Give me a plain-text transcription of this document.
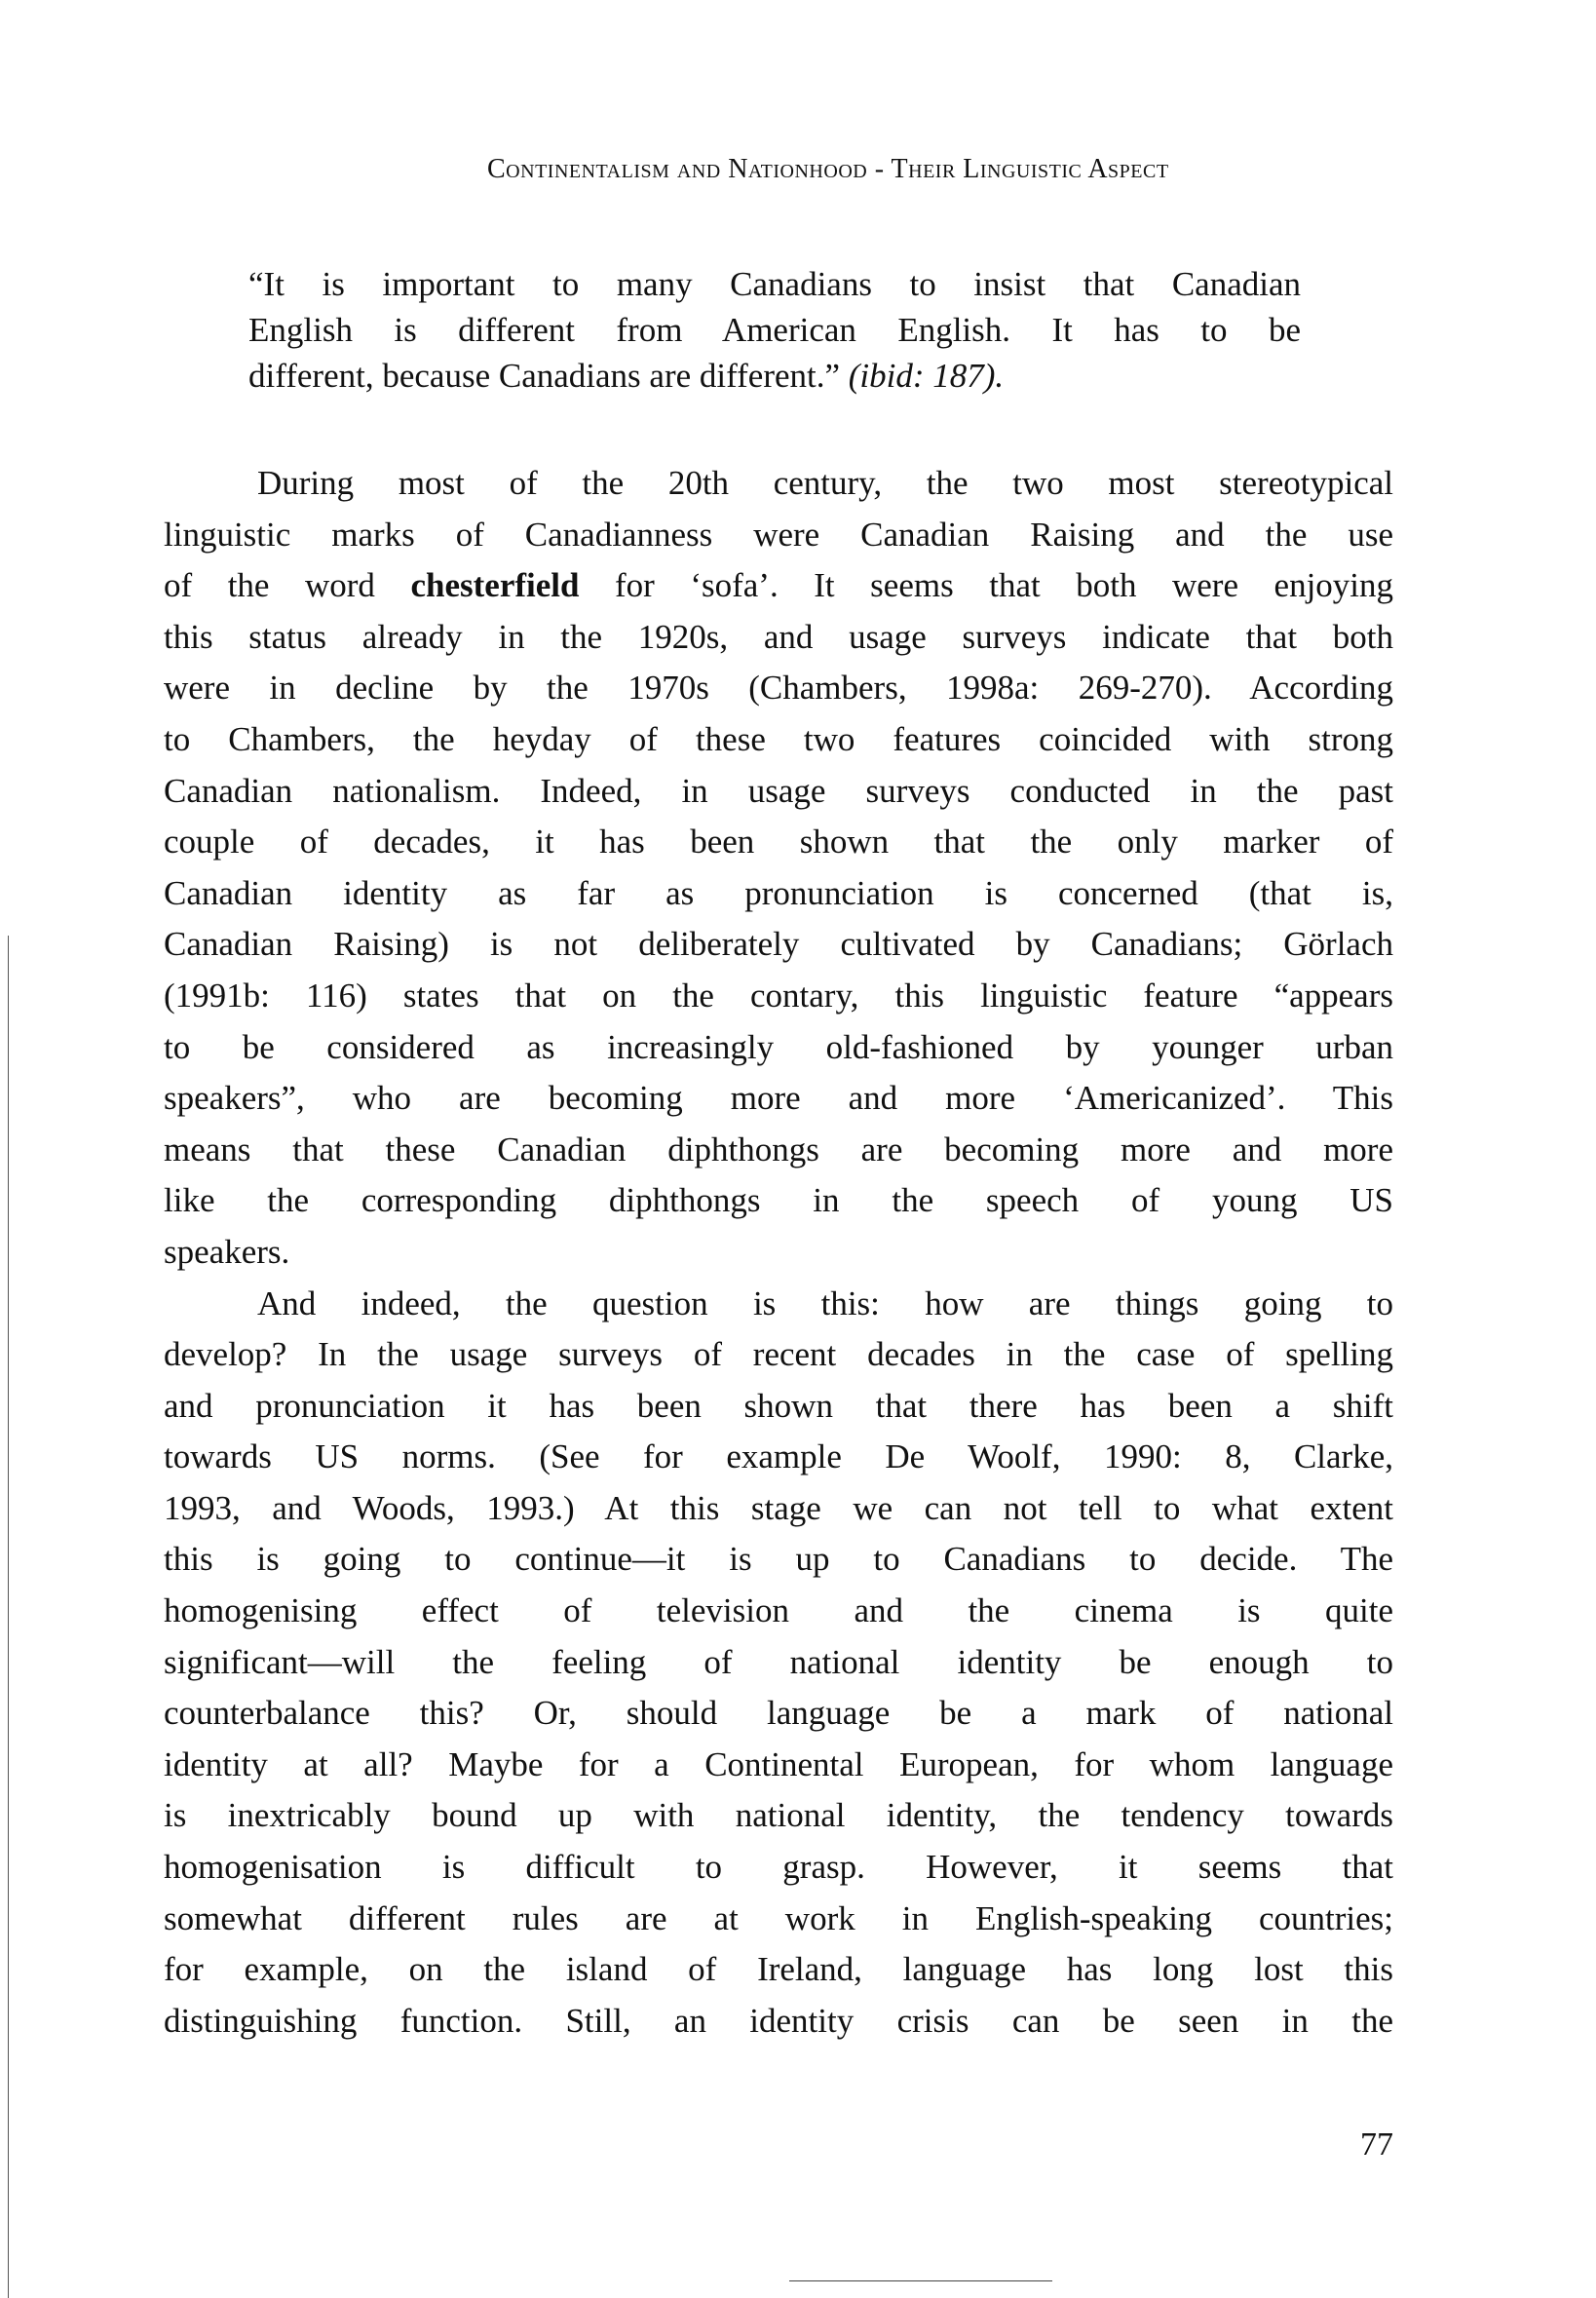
Continentalism and Nationhood - Their Linguistic Aspect
“It is important to many Canadians to insist that Canadian
English is different from American English. It has to be
different, because Canadians are different.” (ibid: 187).
During most of the 20th century, the two most stereotypical
linguistic marks of Canadianness were Canadian Raising and the use
of the word chesterfield for ‘sofa’. It seems that both were enjoying
this status already in the 1920s, and usage surveys indicate that both
were in decline by the 1970s (Chambers, 1998a: 269-270). According
to Chambers, the heyday of these two features coincided with strong
Canadian nationalism. Indeed, in usage surveys conducted in the past
couple of decades, it has been shown that the only marker of
Canadian identity as far as pronunciation is concerned (that is,
Canadian Raising) is not deliberately cultivated by Canadians; Görlach
(1991b: 116) states that on the contary, this linguistic feature “appears
to be considered as increasingly old-fashioned by younger urban
speakers”, who are becoming more and more ‘Americanized’. This
means that these Canadian diphthongs are becoming more and more
like the corresponding diphthongs in the speech of young US
speakers.
And indeed, the question is this: how are things going to
develop? In the usage surveys of recent decades in the case of spelling
and pronunciation it has been shown that there has been a shift
towards US norms. (See for example De Woolf, 1990: 8, Clarke,
1993, and Woods, 1993.) At this stage we can not tell to what extent
this is going to continue—it is up to Canadians to decide. The
homogenising effect of television and the cinema is quite
significant—will the feeling of national identity be enough to
counterbalance this? Or, should language be a mark of national
identity at all? Maybe for a Continental European, for whom language
is inextricably bound up with national identity, the tendency towards
homogenisation is difficult to grasp. However, it seems that
somewhat different rules are at work in English-speaking countries;
for example, on the island of Ireland, language has long lost this
distinguishing function. Still, an identity crisis can be seen in the
77
